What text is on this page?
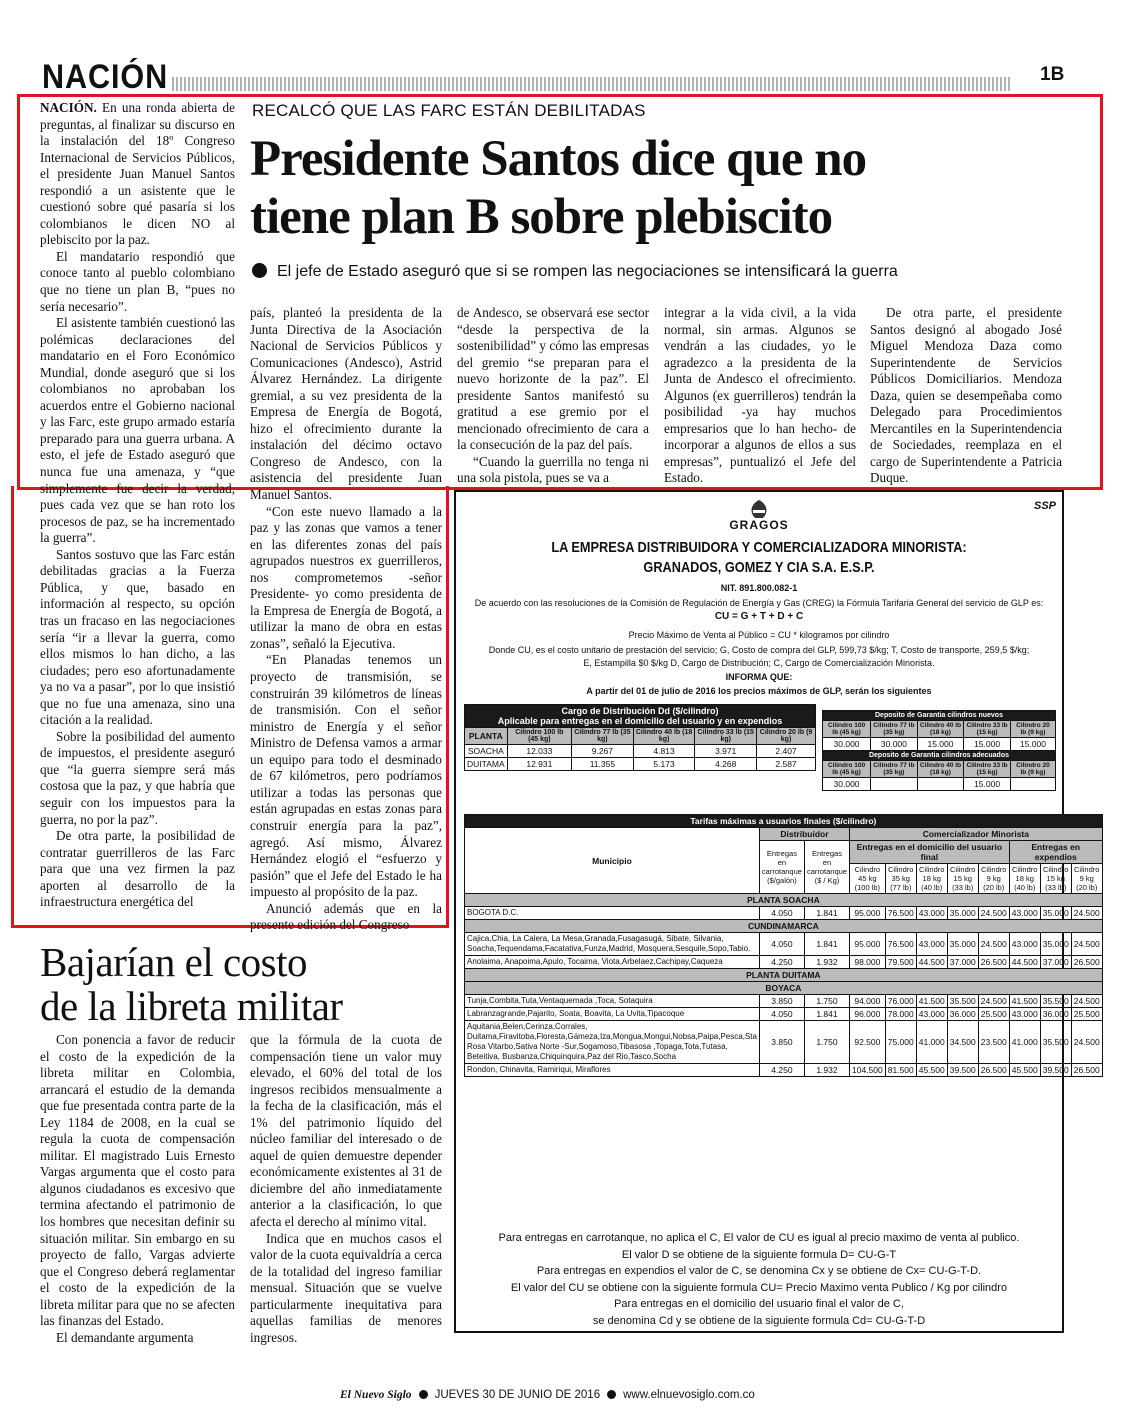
NACIÓN	1B
RECALCÓ QUE LAS FARC ESTÁN DEBILITADAS
Presidente Santos dice que no
tiene plan B sobre plebiscito
El jefe de Estado aseguró que si se rompen las negociaciones se intensificará la guerra

NACIÓN. En una ronda abierta de preguntas, al finalizar su discurso en la instalación del 18º Congreso Internacional de Servicios Públicos, el presidente Juan Manuel Santos respondió a un asistente que le cuestionó sobre qué pasaría si los colombianos le dicen NO al plebiscito por la paz.

El mandatario respondió que conoce tanto al pueblo colombiano que no tiene un plan B, “pues no sería necesario”.

El asistente también cuestionó las polémicas declaraciones del mandatario en el Foro Económico Mundial, donde aseguró que si los colombianos no aprobaban los acuerdos entre el Gobierno nacional y las Farc, este grupo armado estaría preparado para una guerra urbana. A esto, el jefe de Estado aseguró que nunca fue una amenaza, y “que simplemente fue decir la verdad, pues cada vez que se han roto los procesos de paz, se ha incrementado la guerra”.

Santos sostuvo que las Farc están debilitadas gracias a la Fuerza Pública, y que, basado en información al respecto, su opción tras un fracaso en las negociaciones sería “ir a llevar la guerra, como ellos mismos lo han dicho, a las ciudades; pero eso afortunadamente ya no va a pasar”, por lo que insistió que no fue una amenaza, sino una citación a la realidad.

Sobre la posibilidad del aumento de impuestos, el presidente aseguró que “la guerra siempre será más costosa que la paz, y que habría que seguir con los impuestos para la guerra, no por la paz”.

De otra parte, la posibilidad de contratar guerrilleros de las Farc para que una vez firmen la paz aporten al desarrollo de la infraestructura energética del

país, planteó la presidenta de la Junta Directiva de la Asociación Nacional de Servicios Públicos y Comunicaciones (Andesco), Astrid Álvarez Hernández. La dirigente gremial, a su vez presidenta de la Empresa de Energía de Bogotá, hizo el ofrecimiento durante la instalación del décimo octavo Congreso de Andesco, con la asistencia del presidente Juan Manuel Santos.

“Con este nuevo llamado a la paz y las zonas que vamos a tener en las diferentes zonas del país agrupados nuestros ex guerrilleros, nos comprometemos -señor Presidente- yo como presidenta de la Empresa de Energía de Bogotá, a utilizar la mano de obra en estas zonas”, señaló la Ejecutiva.

“En Planadas tenemos un proyecto de transmisión, se construirán 39 kilómetros de líneas de transmisión. Con el señor ministro de Energía y el señor Ministro de Defensa vamos a armar un equipo para todo el desminado de 67 kilómetros, pero podríamos utilizar a todas las personas que están agrupadas en estas zonas para construir energía para la paz”, agregó. Así mismo, Álvarez Hernández elogió el “esfuerzo y pasión” que el Jefe del Estado le ha impuesto al propósito de la paz.

Anunció además que en la presente edición del Congreso

de Andesco, se observará ese sector “desde la perspectiva de la sostenibilidad” y cómo las empresas del gremio “se preparan para el nuevo horizonte de la paz”. El presidente Santos manifestó su gratitud a ese gremio por el mencionado ofrecimiento de cara a la consecución de la paz del país.

“Cuando la guerrilla no tenga ni una sola pistola, pues se va a

integrar a la vida civil, a la vida normal, sin armas. Algunos se vendrán a las ciudades, yo le agradezco a la presidenta de la Junta de Andesco el ofrecimiento. Algunos (ex guerrilleros) tendrán la posibilidad -ya hay muchos empresarios que lo han hecho- de incorporar a algunos de ellos a sus empresas”, puntualizó el Jefe del Estado.

De otra parte, el presidente Santos designó al abogado José Miguel Mendoza Daza como Superintendente de Servicios Públicos Domiciliarios. Mendoza Daza, quien se desempeñaba como Delegado para Procedimientos Mercantiles en la Superintendencia de Sociedades, reemplaza en el cargo de Superintendente a Patricia Duque.

Bajarían el costo
de la libreta militar

Con ponencia a favor de reducir el costo de la expedición de la libreta militar en Colombia, arrancará el estudio de la demanda que fue presentada contra parte de la Ley 1184 de 2008, en la cual se regula la cuota de compensación militar. El magistrado Luis Ernesto Vargas argumenta que el costo para algunos ciudadanos es excesivo que termina afectando el patrimonio de los hombres que necesitan definir su situación militar. Sin embargo en su proyecto de fallo, Vargas advierte que el Congreso deberá reglamentar el costo de la expedición de la libreta militar para que no se afecten las finanzas del Estado.

El demandante argumenta

que la fórmula de la cuota de compensación tiene un valor muy elevado, el 60% del total de los ingresos recibidos mensualmente a la fecha de la clasificación, más el 1% del patrimonio líquido del núcleo familiar del interesado o de aquel de quien demuestre depender económicamente existentes al 31 de diciembre del año inmediatamente anterior a la clasificación, lo que afecta el derecho al mínimo vital.

Indica que en muchos casos el valor de la cuota equivaldría a cerca de la totalidad del ingreso familiar mensual. Situación que se vuelve particularmente inequitativa para aquellas familias de menores ingresos.

GRAGOS
SSP
LA EMPRESA DISTRIBUIDORA Y COMERCIALIZADORA MINORISTA:
GRANADOS, GOMEZ Y CIA S.A. E.S.P.
NIT. 891.800.082-1
De acuerdo con las resoluciones de la Comisión de Regulación de Energía y Gas (CREG) la Fórmula Tarifaria General del servicio de GLP es:
CU = G + T + D + C
Precio Máximo de Venta al Público = CU * kilogramos por cilindro
Donde CU, es el costo unitario de prestación del servicio; G, Costo de compra del GLP, 599,73 $/kg; T, Costo de transporte, 259,5 $/kg;
E, Estampilla $0 $/kg D, Cargo de Distribución; C, Cargo de Comercialización Minorista.
INFORMA QUE:
A partir del 01 de julio de 2016 los precios máximos de GLP, serán los siguientes
Cargo de Distribución Dd ($/cilindro)
Aplicable para entregas en el domicilio del usuario y en expendios					

PLANTA	Cilindro 100 lb (45 kg)	Cilindro 77 lb (35 kg)	Cilindro 40 lb (18 kg)	Cilindro 33 lb (15 kg)	Cilindro 20 lb (9 kg)
SOACHA	12.033	9.267	4.813	3.971	2.407
DUITAMA	12.931	11.355	5.173	4.268	2.587
Deposito de Garantia cilindros nuevos				
Cilindro 100 lb (45 kg)	Cilindro 77 lb (35 kg)	Cilindro 40 lb (18 kg)	Cilindro 33 lb (15 kg)	Cilindro 20 lb (9 kg)
30.000	30.000	15.000	15.000	15.000
Deposito de Garantia cilindros adecuados				
Cilindro 100 lb (45 kg)	Cilindro 77 lb (35 kg)	Cilindro 40 lb (18 kg)	Cilindro 33 lb (15 kg)	Cilindro 20 lb (9 kg)
30.000			15.000	
Tarifas máximas a usuarios finales ($/cilindro)										
Municipio	Distribuidor		Comercializador Minorista							
	Entregas en carrotanque ($/galón)	Entregas en carrotanque ($ / Kg)	Entregas en el domicilio del usuario final					Entregas en expendios		
			Cilindro 45 kg (100 lb)	Cilindro 35 kg (77 lb)	Cilindro 18 kg (40 lb)	Cilindro 15 kg (33 lb)	Cilindro 9 kg (20 lb)	Cilindro 18 kg (40 lb)	Cilindro 15 kg (33 lb)	Cilindro 9 kg (20 lb)
PLANTA SOACHA										
BOGOTA D.C.	4.050	1.841	95.000	76.500	43.000	35.000	24.500	43.000	35.000	24.500
CUNDINAMARCA										
Cajica,Chia, La Calera, La Mesa,Granada,Fusagasugá, Sibate, Silvania, Soacha,Tequendama,Facatativa,Funza,Madrid, Mosquera,Sesquile,Sopo,Tabio.	4.050	1.841	95.000	76.500	43.000	35.000	24.500	43.000	35.000	24.500
Anolaima, Anapoima,Apulo, Tocaima, Viota,Arbelaez,Cachipay,Caqueza	4.250	1.932	98.000	79.500	44.500	37.000	26.500	44.500	37.000	26.500
PLANTA DUITAMA										
BOYACA										
Tunja,Combita,Tuta,Ventaquemada ,Toca, Sotaquira	3.850	1.750	94.000	76.000	41.500	35.500	24.500	41.500	35.500	24.500
Labranzagrande,Pajarito, Soata, Boavita, La Uvita,Tipacoque	4.050	1.841	96.000	78.000	43.000	36.000	25.500	43.000	36.000	25.500
Aquitania,Belen,Cerinza,Corrales, Duitama,Firavitoba,Floresta,Gámeza,Iza,Mongua,Mongui,Nobsa,Paipa,Pesca,Sta Rosa Vitarbo,Sativa Norte -Sur,Sogamoso,Tibasosa ,Topaga,Tota,Tutasa, Beteitiva, Busbanza,Chiquinquira,Paz del Rio,Tasco,Socha	3.850	1.750	92.500	75.000	41.000	34.500	23.500	41.000	35.500	24.500
Rondon, Chinavita, Ramiriqui, Miraflores	4.250	1.932	104.500	81.500	45.500	39.500	26.500	45.500	39.500	26.500
Para entregas en carrotanque, no aplica el C, El valor de CU es igual al precio maximo de venta al publico.
El valor D se obtiene de la siguiente formula D= CU-G-T
Para entregas en expendios el valor de C, se denomina Cx y se obtiene de Cx= CU-G-T-D.
El valor del CU se obtiene con la siguiente formula CU= Precio Maximo venta Publico / Kg por cilindro
Para entregas en el domicilio del usuario final el valor de C,
se denomina Cd y se obtiene de la siguiente formula Cd= CU-G-T-D
El Nuevo Siglo JUEVES 30 DE JUNIO DE 2016 www.elnuevosiglo.com.co
